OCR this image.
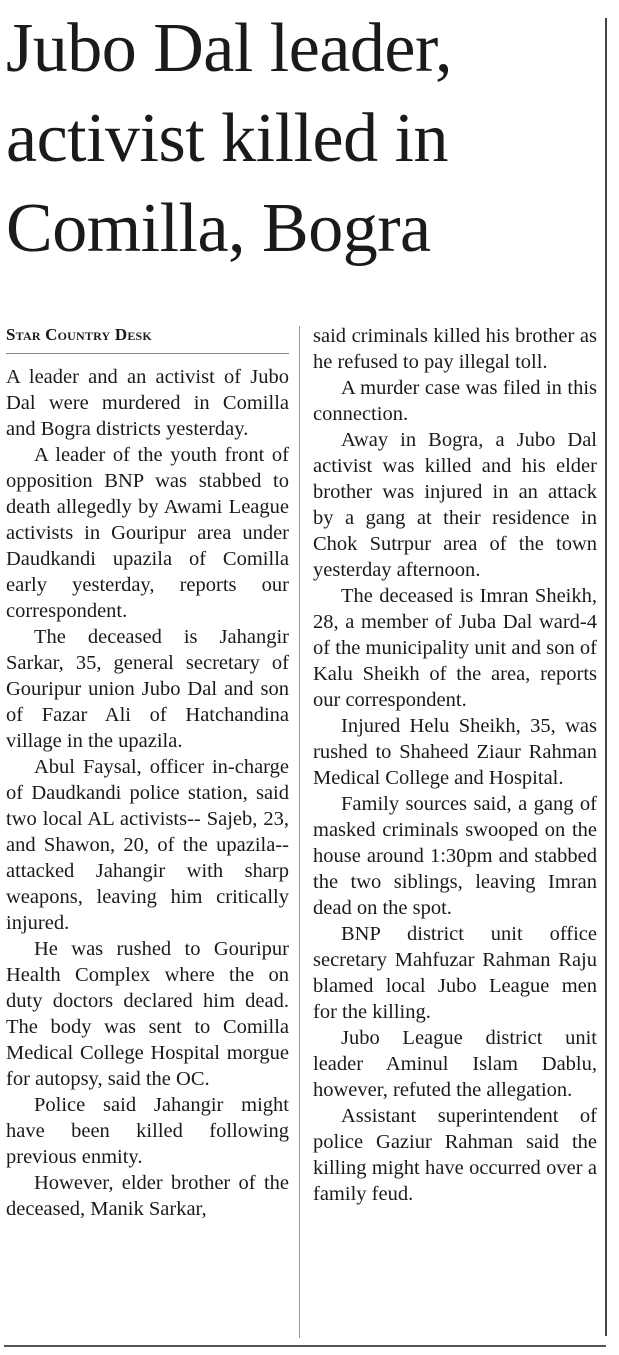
Jubo Dal leader,
activist killed in
Comilla, Bogra
Star Country Desk

A leader and an activist of Jubo Dal were murdered in Comilla and Bogra districts yesterday.

A leader of the youth front of opposition BNP was stabbed to death allegedly by Awami League activists in Gouripur area under Daudkandi upazila of Comilla early yesterday, reports our correspondent.

The deceased is Jahangir Sarkar, 35, general secretary of Gouripur union Jubo Dal and son of Fazar Ali of Hatchandina village in the upazila.

Abul Faysal, officer in-charge of Daudkandi police station, said two local AL activists-- Sajeb, 23, and Shawon, 20, of the upazila--attacked Jahangir with sharp weapons, leaving him critically injured.

He was rushed to Gouripur Health Complex where the on duty doctors declared him dead. The body was sent to Comilla Medical College Hospital morgue for autopsy, said the OC.

Police said Jahangir might have been killed following previous enmity.

However, elder brother of the deceased, Manik Sarkar,

said criminals killed his brother as he refused to pay illegal toll.

A murder case was filed in this connection.

Away in Bogra, a Jubo Dal activist was killed and his elder brother was injured in an attack by a gang at their residence in Chok Sutrpur area of the town yesterday afternoon.

The deceased is Imran Sheikh, 28, a member of Juba Dal ward-4 of the municipality unit and son of Kalu Sheikh of the area, reports our correspondent.

Injured Helu Sheikh, 35, was rushed to Shaheed Ziaur Rahman Medical College and Hospital.

Family sources said, a gang of masked criminals swooped on the house around 1:30pm and stabbed the two siblings, leaving Imran dead on the spot.

BNP district unit office secretary Mahfuzar Rahman Raju blamed local Jubo League men for the killing.

Jubo League district unit leader Aminul Islam Dablu, however, refuted the allegation.

Assistant superintendent of police Gaziur Rahman said the killing might have occurred over a family feud.
